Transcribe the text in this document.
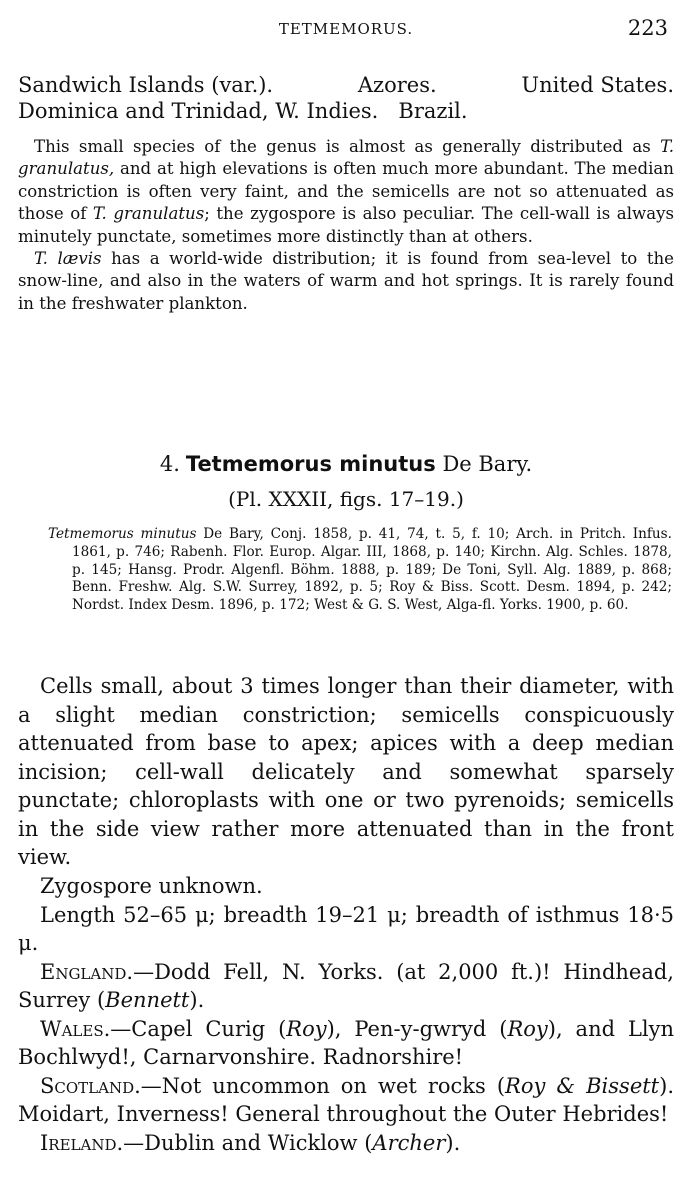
TETMEMORUS.	223
Sandwich Islands (var.).	Azores.	United States.
Dominica and Trinidad, W. Indies. Brazil.

This small species of the genus is almost as generally distributed as T. granulatus, and at high elevations is often much more abundant. The median constriction is often very faint, and the semicells are not so attenuated as those of T. granulatus; the zygospore is also peculiar. The cell-wall is always minutely punctate, sometimes more distinctly than at others.

T. lævis has a world-wide distribution; it is found from sea-level to the snow-line, and also in the waters of warm and hot springs. It is rarely found in the freshwater plankton.

4. Tetmemorus minutus De Bary.
(Pl. XXXII, figs. 17–19.)

Tetmemorus minutus De Bary, Conj. 1858, p. 41, 74, t. 5, f. 10; Arch. in Pritch. Infus. 1861, p. 746; Rabenh. Flor. Europ. Algar. III, 1868, p. 140; Kirchn. Alg. Schles. 1878, p. 145; Hansg. Prodr. Algenfl. Böhm. 1888, p. 189; De Toni, Syll. Alg. 1889, p. 868; Benn. Freshw. Alg. S.W. Surrey, 1892, p. 5; Roy & Biss. Scott. Desm. 1894, p. 242; Nordst. Index Desm. 1896, p. 172; West & G. S. West, Alga-fl. Yorks. 1900, p. 60.

Cells small, about 3 times longer than their diameter, with a slight median constriction; semicells conspicuously attenuated from base to apex; apices with a deep median incision; cell-wall delicately and somewhat sparsely punctate; chloroplasts with one or two pyrenoids; semicells in the side view rather more attenuated than in the front view.

Zygospore unknown.

Length 52–65 μ; breadth 19–21 μ; breadth of isthmus 18·5 μ.

England.—Dodd Fell, N. Yorks. (at 2,000 ft.)! Hindhead, Surrey (Bennett).

Wales.—Capel Curig (Roy), Pen-y-gwryd (Roy), and Llyn Bochlwyd!, Carnarvonshire. Radnorshire!

Scotland.—Not uncommon on wet rocks (Roy & Bissett). Moidart, Inverness! General throughout the Outer Hebrides!

Ireland.—Dublin and Wicklow (Archer).
